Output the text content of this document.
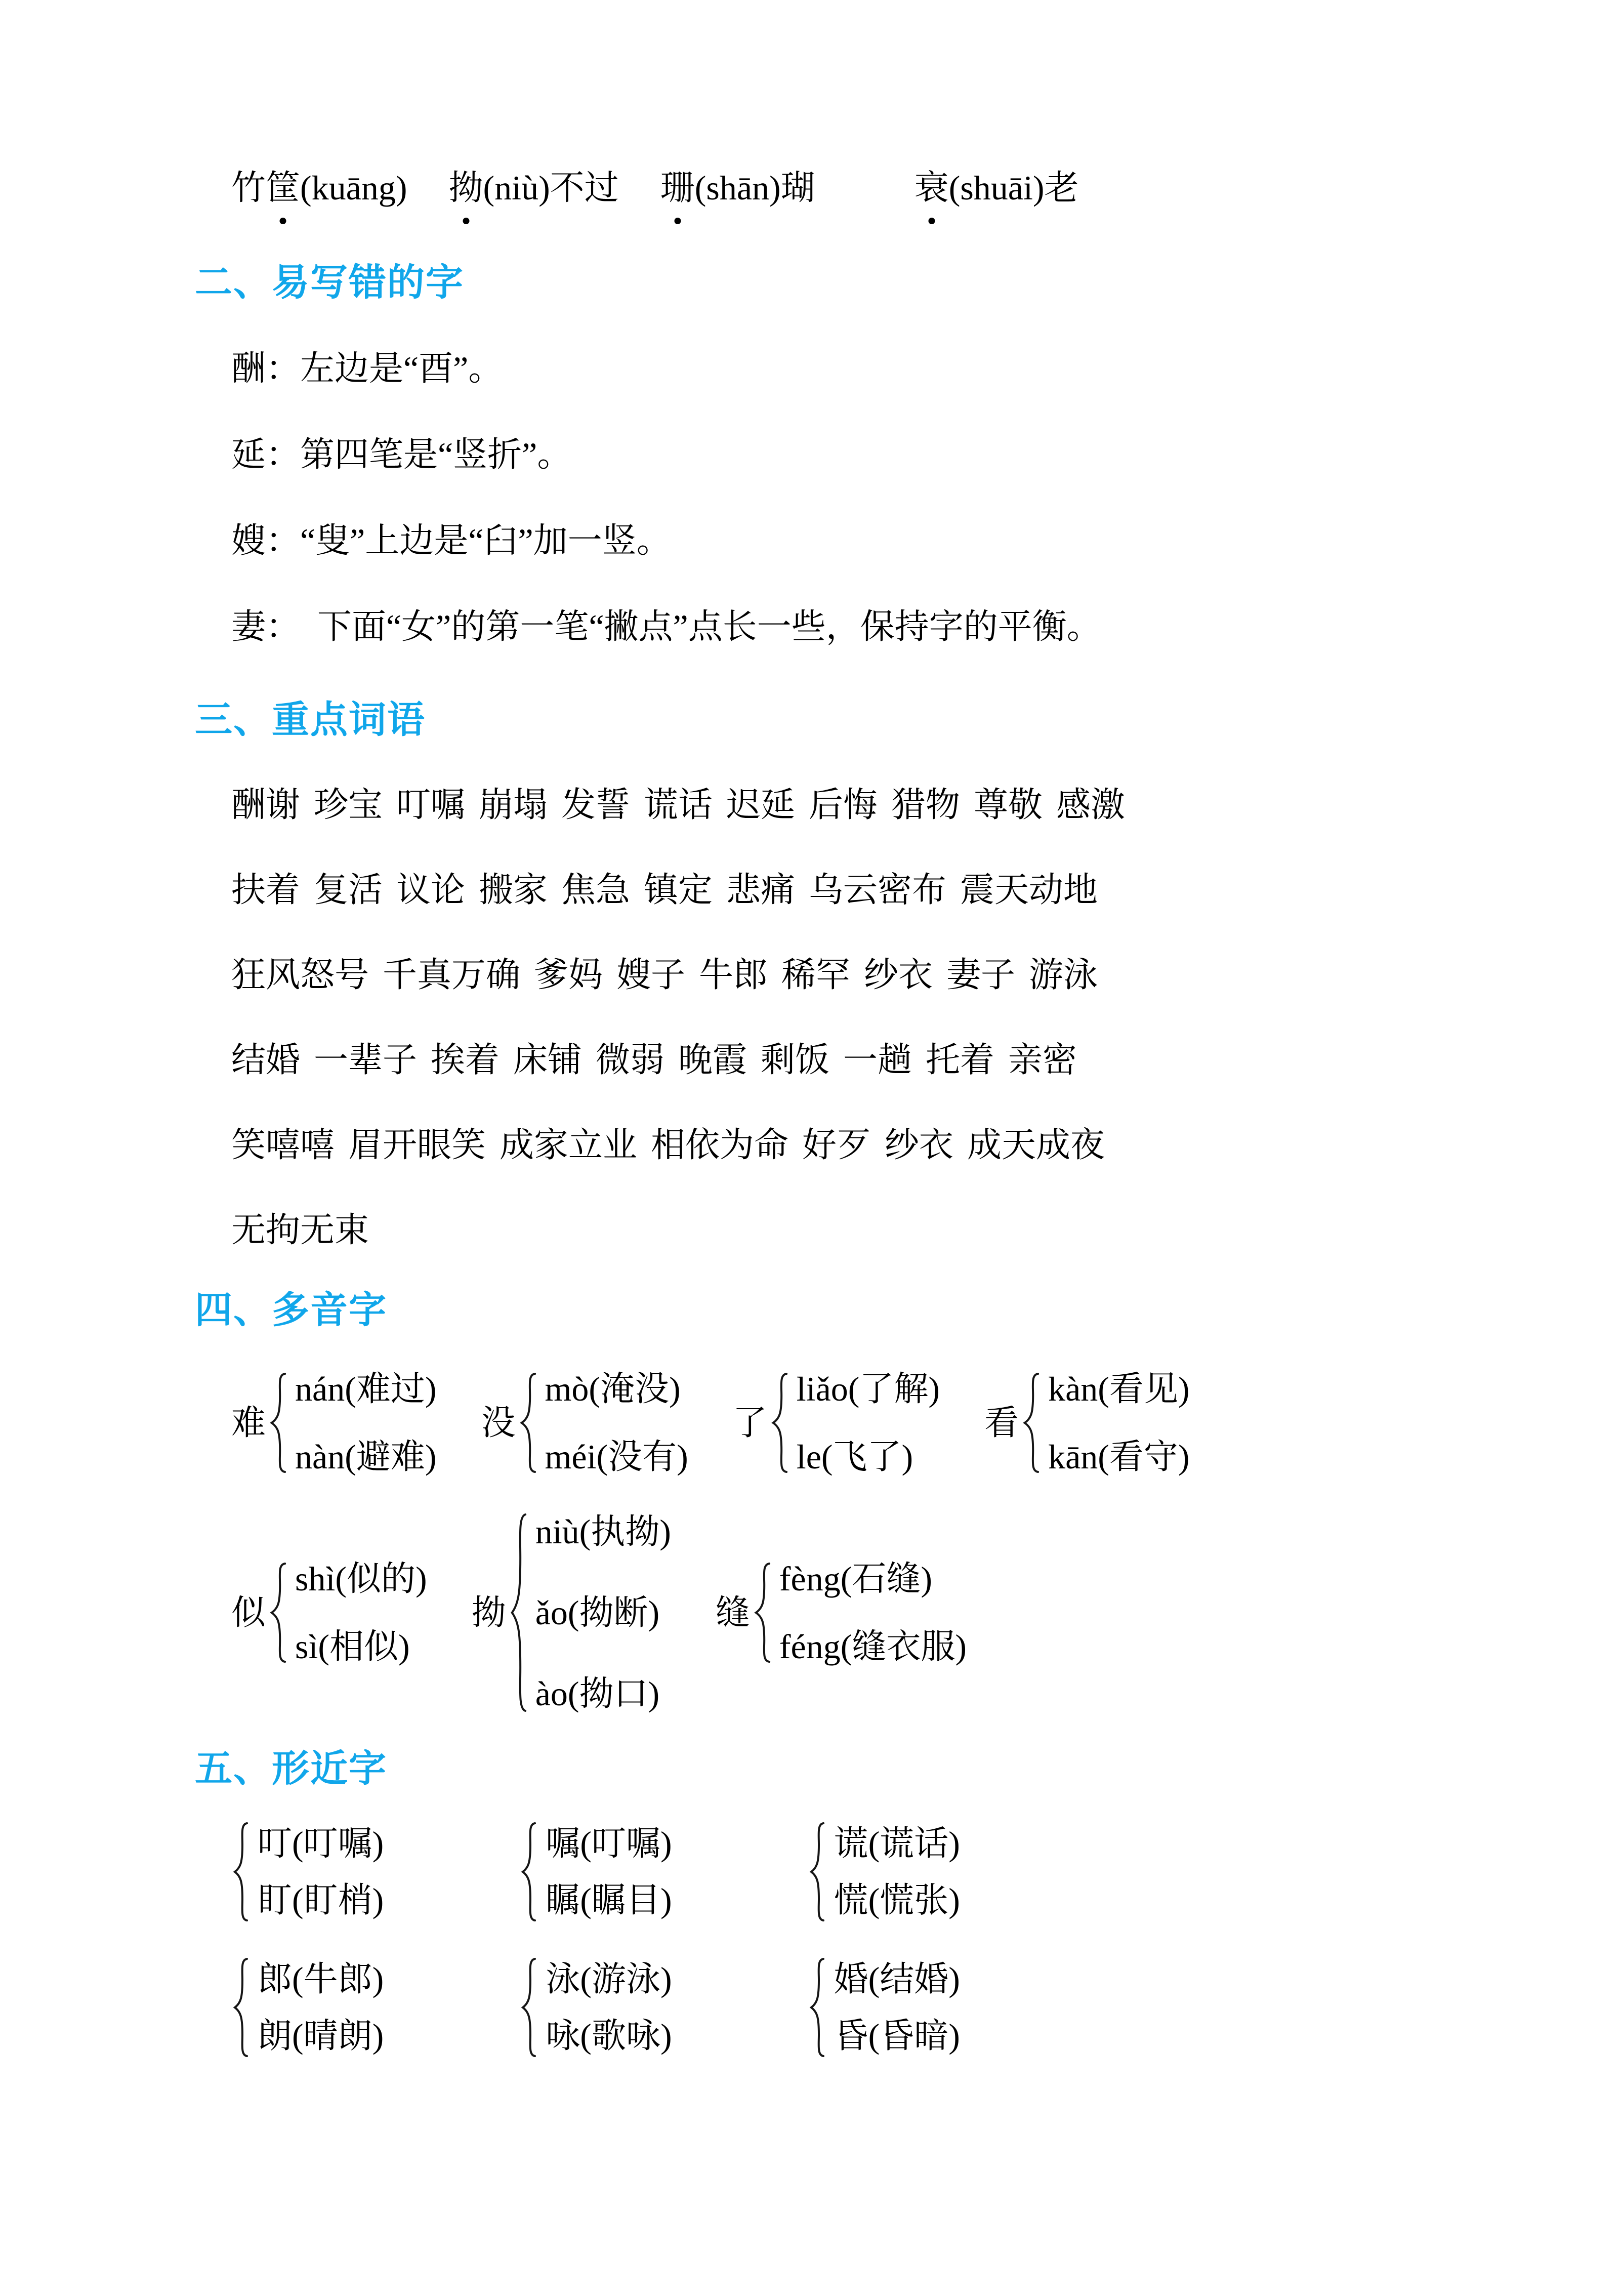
竹筐(kuāng) 拗(niù)不过 珊(shān)瑚	衰(shuāi)老
二、易写错的字

酬：左边是“酉”。

延：第四笔是“竖折”。

嫂：“叟”上边是“臼”加一竖。

妻：　下面“女”的第一笔“撇点”点长一些，保持字的平衡。

三、重点词语

酬谢 珍宝 叮嘱 崩塌 发誓 谎话 迟延 后悔 猎物 尊敬 感激

扶着 复活 议论 搬家 焦急 镇定 悲痛 乌云密布 震天动地

狂风怒号 千真万确 爹妈 嫂子 牛郎 稀罕 纱衣 妻子 游泳

结婚 一辈子 挨着 床铺 微弱 晚霞 剩饭 一趟 托着 亲密

笑嘻嘻 眉开眼笑 成家立业 相依为命 好歹 纱衣 成天成夜

无拘无束

四、多音字
难
nán(难过)
nàn(避难)
没
mò(淹没)
méi(没有)
了
liǎo(了解)
le(飞了)
看
kàn(看见)
kān(看守)
似
shì(似的)
sì(相似)
拗
niù(执拗)
ǎo(拗断)
ào(拗口)
缝
fèng(石缝)
féng(缝衣服)
五、形近字
叮(叮嘱)
盯(盯梢)
嘱(叮嘱)
瞩(瞩目)
谎(谎话)
慌(慌张)
郎(牛郎)
朗(晴朗)
泳(游泳)
咏(歌咏)
婚(结婚)
昏(昏暗)
